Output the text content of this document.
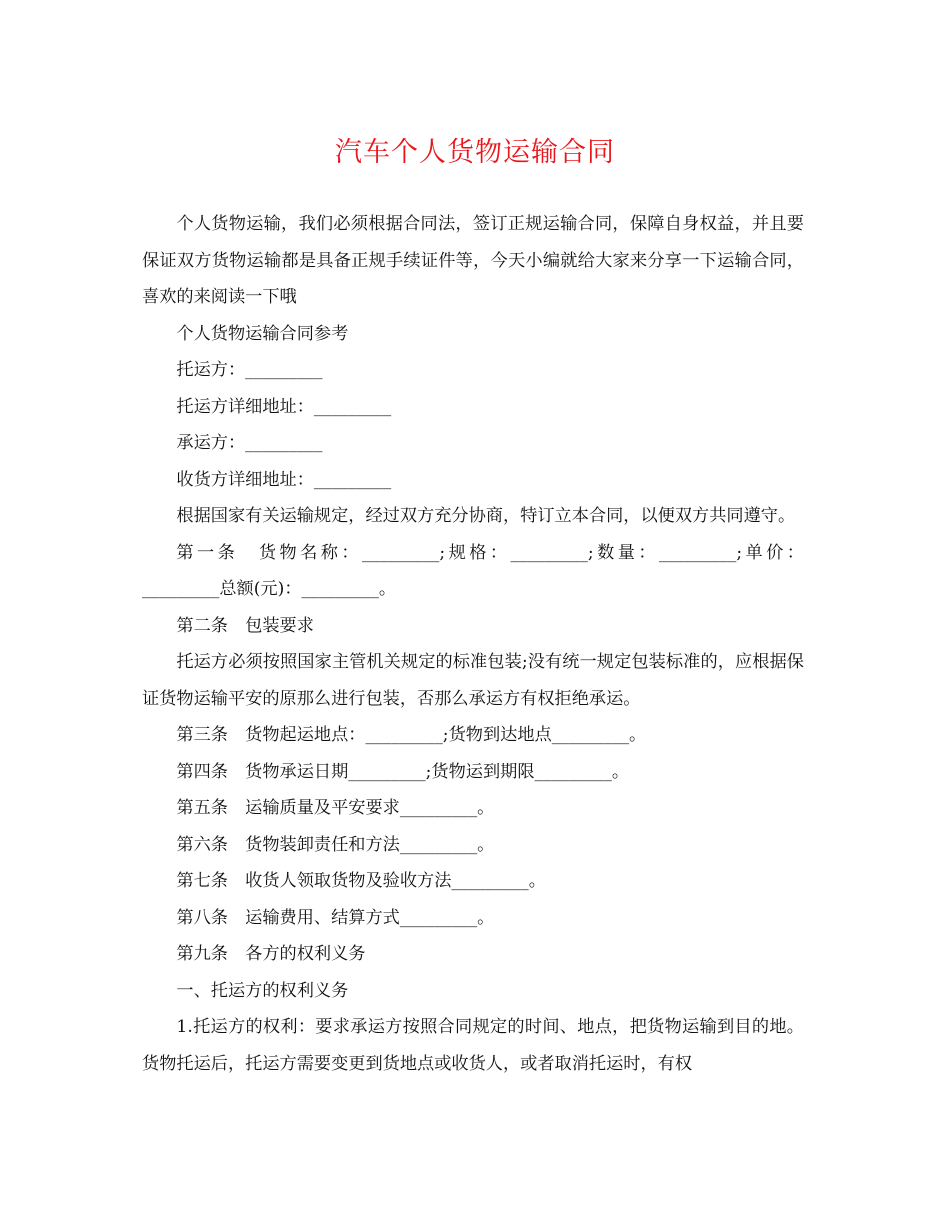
汽车个人货物运输合同

个人货物运输，我们必须根据合同法，签订正规运输合同，保障自身权益，并且要保证双方货物运输都是具备正规手续证件等，今天小编就给大家来分享一下运输合同，喜欢的来阅读一下哦

个人货物运输合同参考

托运方：_________

托运方详细地址：_________

承运方：_________

收货方详细地址：_________

根据国家有关运输规定，经过双方充分协商，特订立本合同，以便双方共同遵守。

第一条　货物名称：_________;规格：_________;数量：_________;单价：_________总额(元)：_________。

第二条　包装要求

托运方必须按照国家主管机关规定的标准包装;没有统一规定包装标准的，应根据保证货物运输平安的原那么进行包装，否那么承运方有权拒绝承运。

第三条　货物起运地点：_________;货物到达地点_________。

第四条　货物承运日期_________;货物运到期限_________。

第五条　运输质量及平安要求_________。

第六条　货物装卸责任和方法_________。

第七条　收货人领取货物及验收方法_________。

第八条　运输费用、结算方式_________。

第九条　各方的权利义务

一、托运方的权利义务

1.托运方的权利：要求承运方按照合同规定的时间、地点，把货物运输到目的地。货物托运后，托运方需要变更到货地点或收货人，或者取消托运时，有权
